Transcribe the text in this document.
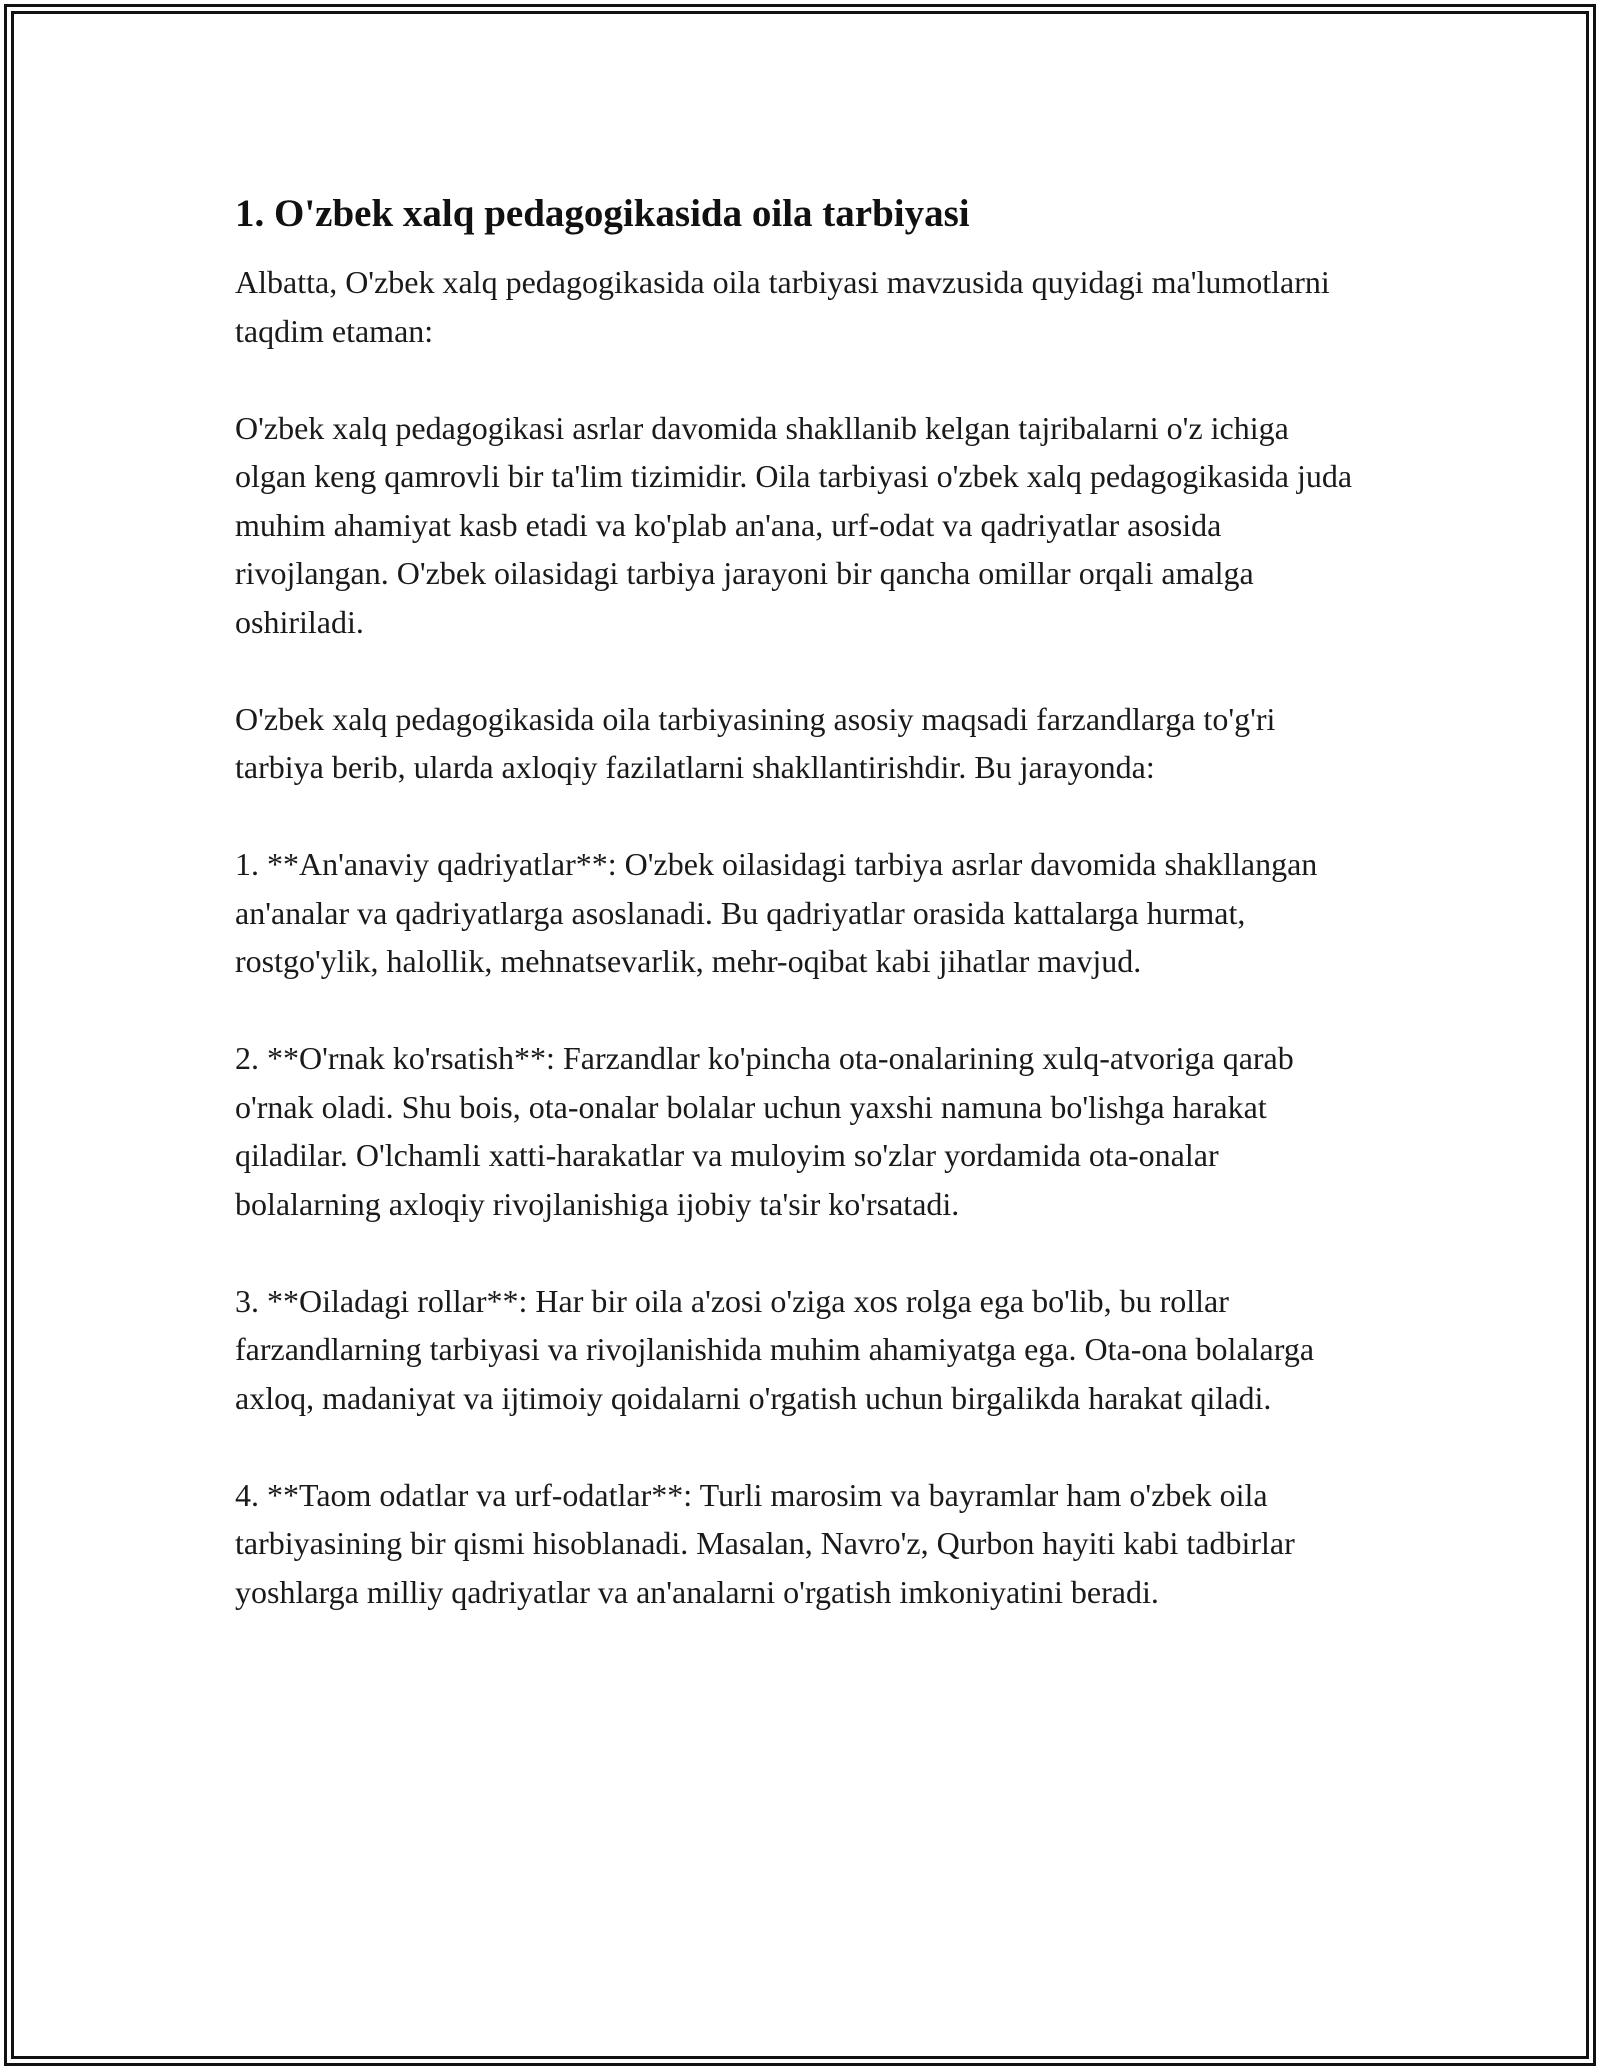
1. O'zbek xalq pedagogikasida oila tarbiyasi

Albatta, O'zbek xalq pedagogikasida oila tarbiyasi mavzusida quyidagi ma'lumotlarni taqdim etaman:

O'zbek xalq pedagogikasi asrlar davomida shakllanib kelgan tajribalarni o'z ichiga olgan keng qamrovli bir ta'lim tizimidir. Oila tarbiyasi o'zbek xalq pedagogikasida juda muhim ahamiyat kasb etadi va ko'plab an'ana, urf-odat va qadriyatlar asosida rivojlangan. O'zbek oilasidagi tarbiya jarayoni bir qancha omillar orqali amalga oshiriladi.

O'zbek xalq pedagogikasida oila tarbiyasining asosiy maqsadi farzandlarga to'g'ri tarbiya berib, ularda axloqiy fazilatlarni shakllantirishdir. Bu jarayonda:

1. **An'anaviy qadriyatlar**: O'zbek oilasidagi tarbiya asrlar davomida shakllangan an'analar va qadriyatlarga asoslanadi. Bu qadriyatlar orasida kattalarga hurmat, rostgo'ylik, halollik, mehnatsevarlik, mehr-oqibat kabi jihatlar mavjud.

2. **O'rnak ko'rsatish**: Farzandlar ko'pincha ota-onalarining xulq-atvoriga qarab o'rnak oladi. Shu bois, ota-onalar bolalar uchun yaxshi namuna bo'lishga harakat qiladilar. O'lchamli xatti-harakatlar va muloyim so'zlar yordamida ota-onalar bolalarning axloqiy rivojlanishiga ijobiy ta'sir ko'rsatadi.

3. **Oiladagi rollar**: Har bir oila a'zosi o'ziga xos rolga ega bo'lib, bu rollar farzandlarning tarbiyasi va rivojlanishida muhim ahamiyatga ega. Ota-ona bolalarga axloq, madaniyat va ijtimoiy qoidalarni o'rgatish uchun birgalikda harakat qiladi.

4. **Taom odatlar va urf-odatlar**: Turli marosim va bayramlar ham o'zbek oila tarbiyasining bir qismi hisoblanadi. Masalan, Navro'z, Qurbon hayiti kabi tadbirlar yoshlarga milliy qadriyatlar va an'analarni o'rgatish imkoniyatini beradi.
